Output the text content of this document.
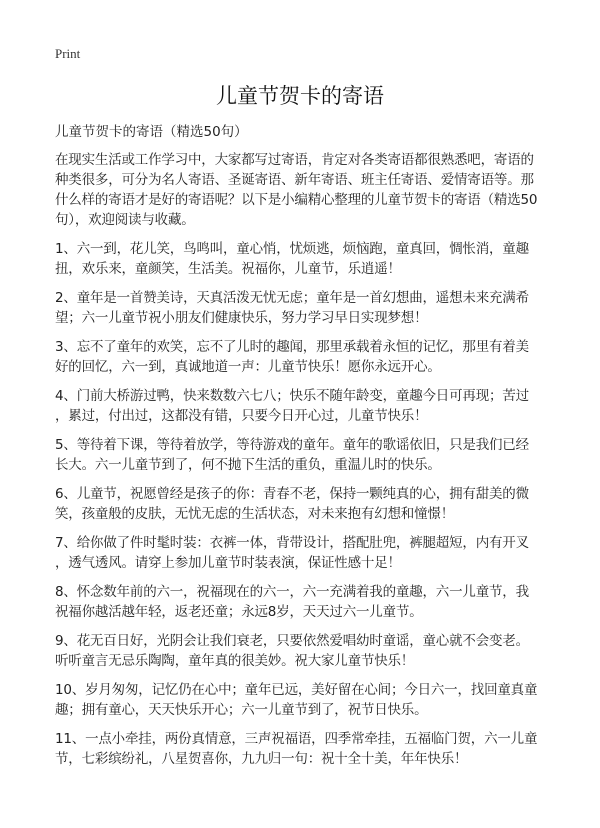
Print
儿童节贺卡的寄语
儿童节贺卡的寄语（精选50句）
在现实生活或工作学习中，大家都写过寄语，肯定对各类寄语都很熟悉吧，寄语的
种类很多，可分为名人寄语、圣诞寄语、新年寄语、班主任寄语、爱情寄语等。那
什么样的寄语才是好的寄语呢？以下是小编精心整理的儿童节贺卡的寄语（精选50
句），欢迎阅读与收藏。
1、六一到，花儿笑，鸟鸣叫，童心悄，忧烦逃，烦恼跑，童真回，惆怅消，童趣
扭，欢乐来，童颜笑，生活美。祝福你，儿童节，乐逍遥！
2、童年是一首赞美诗，天真活泼无忧无虑；童年是一首幻想曲，遥想未来充满希
望；六一儿童节祝小朋友们健康快乐，努力学习早日实现梦想！
3、忘不了童年的欢笑，忘不了儿时的趣闻，那里承载着永恒的记忆，那里有着美
好的回忆，六一到，真诚地道一声：儿童节快乐！愿你永远开心。
4、门前大桥游过鸭，快来数数六七八；快乐不随年龄变，童趣今日可再现；苦过
，累过，付出过，这都没有错，只要今日开心过，儿童节快乐！
5、等待着下课，等待着放学，等待游戏的童年。童年的歌谣依旧，只是我们已经
长大。六一儿童节到了，何不抛下生活的重负，重温儿时的快乐。
6、儿童节，祝愿曾经是孩子的你：青春不老，保持一颗纯真的心，拥有甜美的微
笑，孩童般的皮肤，无忧无虑的生活状态，对未来抱有幻想和憧憬！
7、给你做了件时髦时装：衣裤一体，背带设计，搭配肚兜，裤腿超短，内有开叉
，透气透风。请穿上参加儿童节时装表演，保证性感十足！
8、怀念数年前的六一，祝福现在的六一，六一充满着我的童趣，六一儿童节，我
祝福你越活越年轻，返老还童；永远8岁，天天过六一儿童节。
9、花无百日好，光阴会让我们衰老，只要依然爱唱幼时童谣，童心就不会变老。
听听童言无忌乐陶陶，童年真的很美妙。祝大家儿童节快乐！
10、岁月匆匆，记忆仍在心中；童年已远，美好留在心间；今日六一，找回童真童
趣；拥有童心，天天快乐开心；六一儿童节到了，祝节日快乐。
11、一点小牵挂，两份真情意，三声祝福语，四季常牵挂，五福临门贺，六一儿童
节，七彩缤纷礼，八星贺喜你，九九归一句：祝十全十美，年年快乐！
